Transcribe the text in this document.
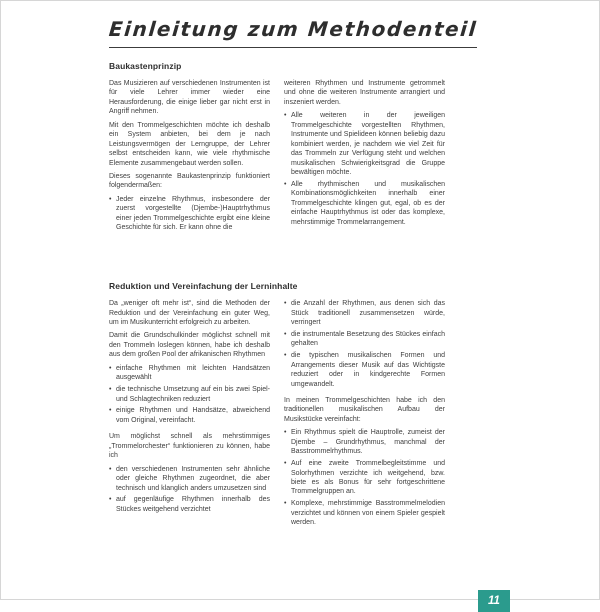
Einleitung zum Methodenteil
Baukastenprinzip

Das Musizieren auf verschiedenen Instrumenten ist für viele Lehrer immer wieder eine Herausforderung, die einige lieber gar nicht erst in Angriff nehmen.

Mit den Trommelgeschichten möchte ich deshalb ein System anbieten, bei dem je nach Leistungsvermögen der Lerngruppe, der Lehrer selbst entscheiden kann, wie viele rhythmische Elemente zusammengebaut werden sollen.

Dieses sogenannte Baukastenprinzip funktioniert folgendermaßen:

• Jeder einzelne Rhythmus, insbesondere der zuerst vorgestellte (Djembe-)Hauptrhythmus einer jeden Trommelgeschichte ergibt eine kleine Geschichte für sich. Er kann ohne die

weiteren Rhythmen und Instrumente getrommelt und ohne die weiteren Instrumente arrangiert und inszeniert werden.

• Alle weiteren in der jeweiligen Trommelgeschichte vorgestellten Rhythmen, Instrumente und Spielideen können beliebig dazu kombiniert werden, je nachdem wie viel Zeit für das Trommeln zur Verfügung steht und welchen musikalischen Schwierigkeitsgrad die Gruppe bewältigen möchte.
• Alle rhythmischen und musikalischen Kombinationsmöglichkeiten innerhalb einer Trommelgeschichte klingen gut, egal, ob es der einfache Hauptrhythmus ist oder das komplexe, mehrstimmige Trommelarrangement.
Reduktion und Vereinfachung der Lerninhalte

Da „weniger oft mehr ist“, sind die Methoden der Reduktion und der Vereinfachung ein guter Weg, um im Musikunterricht erfolgreich zu arbeiten.

Damit die Grundschulkinder möglichst schnell mit den Trommeln loslegen können, habe ich deshalb aus dem großen Pool der afrikanischen Rhythmen

• einfache Rhythmen mit leichten Handsätzen ausgewählt
• die technische Umsetzung auf ein bis zwei Spiel- und Schlagtechniken reduziert
• einige Rhythmen und Handsätze, abweichend vom Original, vereinfacht.

Um möglichst schnell als mehrstimmiges „Trommelorchester“ funktionieren zu können, habe ich

• den verschiedenen Instrumenten sehr ähnliche oder gleiche Rhythmen zugeordnet, die aber technisch und klanglich anders umzusetzen sind
• auf gegenläufige Rhythmen innerhalb des Stückes weitgehend verzichtet
• die Anzahl der Rhythmen, aus denen sich das Stück traditionell zusammensetzen würde, verringert
• die instrumentale Besetzung des Stückes einfach gehalten
• die typischen musikalischen Formen und Arrangements dieser Musik auf das Wichtigste reduziert oder in kindgerechte Formen umgewandelt.

In meinen Trommelgeschichten habe ich den traditionellen musikalischen Aufbau der Musikstücke vereinfacht:

• Ein Rhythmus spielt die Hauptrolle, zumeist der Djembe – Grundrhythmus, manchmal der Basstrommelrhythmus.
• Auf eine zweite Trommelbegleitstimme und Solorhythmen verzichte ich weitgehend, bzw. biete es als Bonus für sehr fortgeschrittene Trommelgruppen an.
• Komplexe, mehrstimmige Basstrommelmelodien verzichtet und können von einem Spieler gespielt werden.
11
